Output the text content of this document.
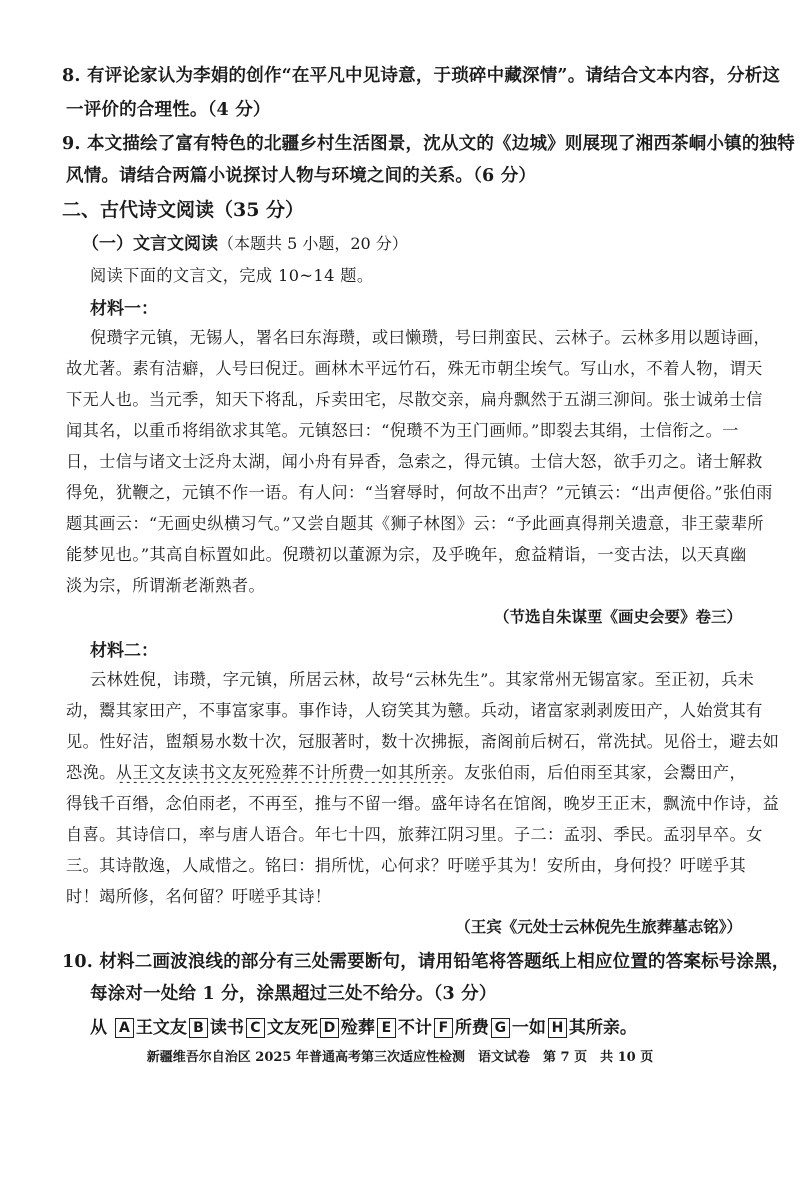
8. 有评论家认为李娟的创作“在平凡中见诗意，于琐碎中藏深情”。请结合文本内容，分析这
一评价的合理性。（4 分）
9. 本文描绘了富有特色的北疆乡村生活图景，沈从文的《边城》则展现了湘西茶峒小镇的独特
风情。请结合两篇小说探讨人物与环境之间的关系。（6 分）
二、古代诗文阅读（35 分）
（一）文言文阅读（本题共 5 小题，20 分）
阅读下面的文言文，完成 10~14 题。
材料一：
倪瓒字元镇，无锡人，署名曰东海瓒，或曰懒瓒，号曰荆蛮民、云林子。云林多用以题诗画，
故尤著。素有洁癖，人号曰倪迂。画林木平远竹石，殊无市朝尘埃气。写山水，不着人物，谓天
下无人也。当元季，知天下将乱，斥卖田宅，尽散交亲，扁舟飘然于五湖三泖间。张士诚弟士信
闻其名，以重币将绢欲求其笔。元镇怒曰：“倪瓒不为王门画师。”即裂去其绢，士信衔之。一
日，士信与诸文士泛舟太湖，闻小舟有异香，急索之，得元镇。士信大怒，欲手刃之。诸士解救
得免，犹鞭之，元镇不作一语。有人问：“当窘辱时，何故不出声？”元镇云：“出声便俗。”张伯雨
题其画云：“无画史纵横习气。”又尝自题其《狮子林图》云：“予此画真得荆关遗意，非王蒙辈所
能梦见也。”其高自标置如此。倪瓒初以董源为宗，及乎晚年，愈益精诣，一变古法，以天真幽
淡为宗，所谓渐老渐熟者。
（节选自朱谋垔《画史会要》卷三）
材料二：
云林姓倪，讳瓒，字元镇，所居云林，故号“云林先生”。其家常州无锡富家。至正初，兵未
动，鬻其家田产，不事富家事。事作诗，人窃笑其为戆。兵动，诸富家剥剥废田产，人始赏其有
见。性好洁，盥頮易水数十次，冠服著时，数十次拂振，斋阁前后树石，常洗拭。见俗士，避去如
恐浼。从王文友读书文友死殓葬不计所费一如其所亲。友张伯雨，后伯雨至其家，会鬻田产，
得钱千百缗，念伯雨老，不再至，推与不留一缗。盛年诗名在馆阁，晚岁王正末，飘流中作诗，益
自喜。其诗信口，率与唐人语合。年七十四，旅葬江阴习里。子二：孟羽、季民。孟羽早卒。女
三。其诗散逸，人咸惜之。铭曰：捐所忧，心何求？吁嗟乎其为！安所由，身何投？吁嗟乎其
时！竭所修，名何留？吁嗟乎其诗！
（王宾《元处士云林倪先生旅葬墓志铭》）
10. 材料二画波浪线的部分有三处需要断句，请用铅笔将答题纸上相应位置的答案标号涂黑，
每涂对一处给 1 分，涂黑超过三处不给分。（3 分）
从 A 王文友 B 读书 C 文友死 D 殓葬 E 不计 F 所费 G 一如 H 其所亲。
新疆维吾尔自治区 2025 年普通高考第三次适应性检测　语文试卷　第 7 页　共 10 页
